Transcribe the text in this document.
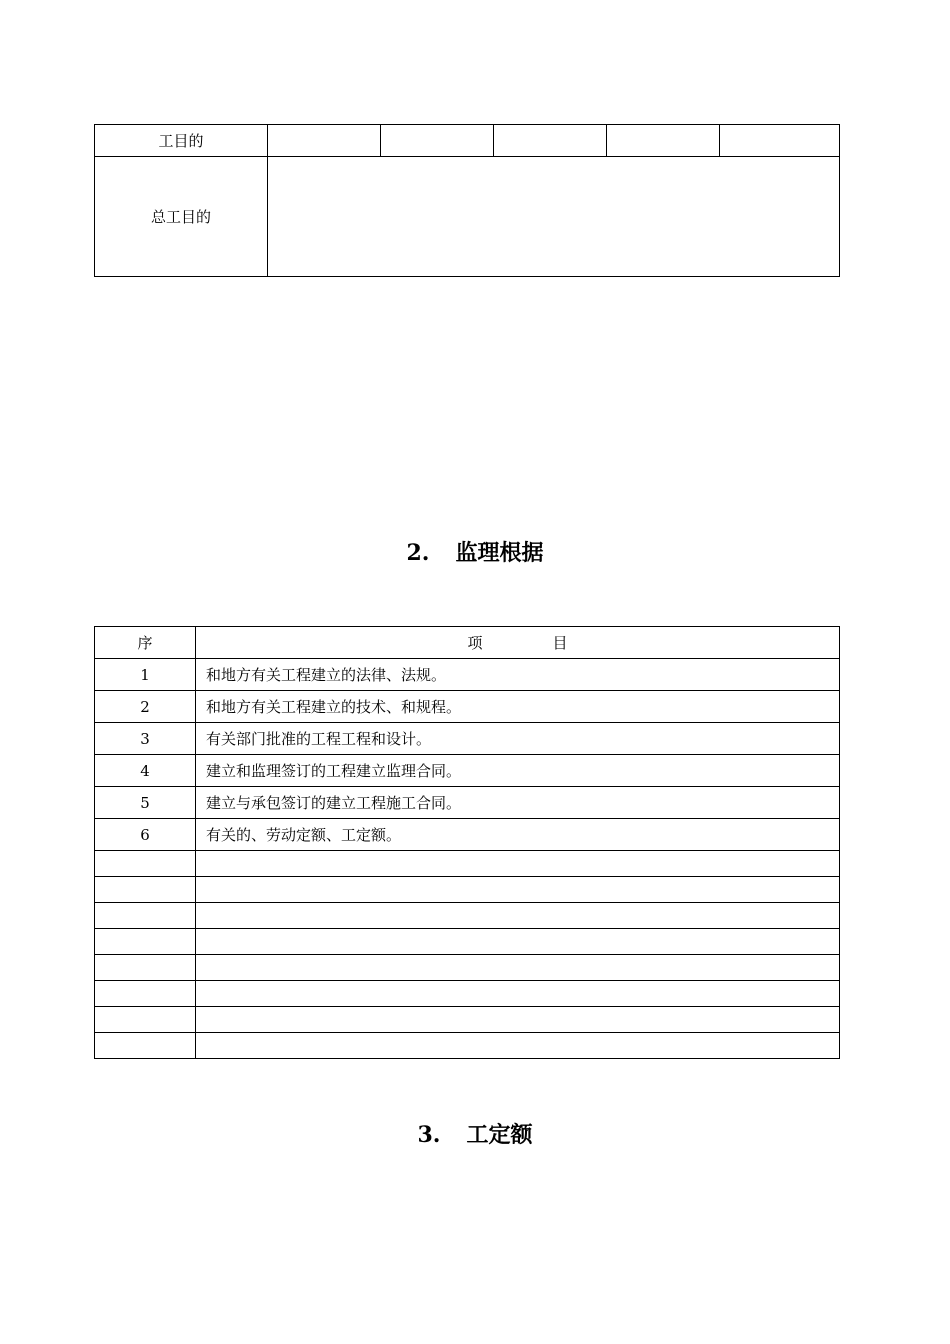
工目的					
总工目的					
2. 监理根据
序	项 目
1	和地方有关工程建立的法律、法规。
2	和地方有关工程建立的技术、和规程。
3	有关部门批准的工程工程和设计。
4	建立和监理签订的工程建立监理合同。
5	建立与承包签订的建立工程施工合同。
6	有关的、劳动定额、工定额。

3. 工定额
